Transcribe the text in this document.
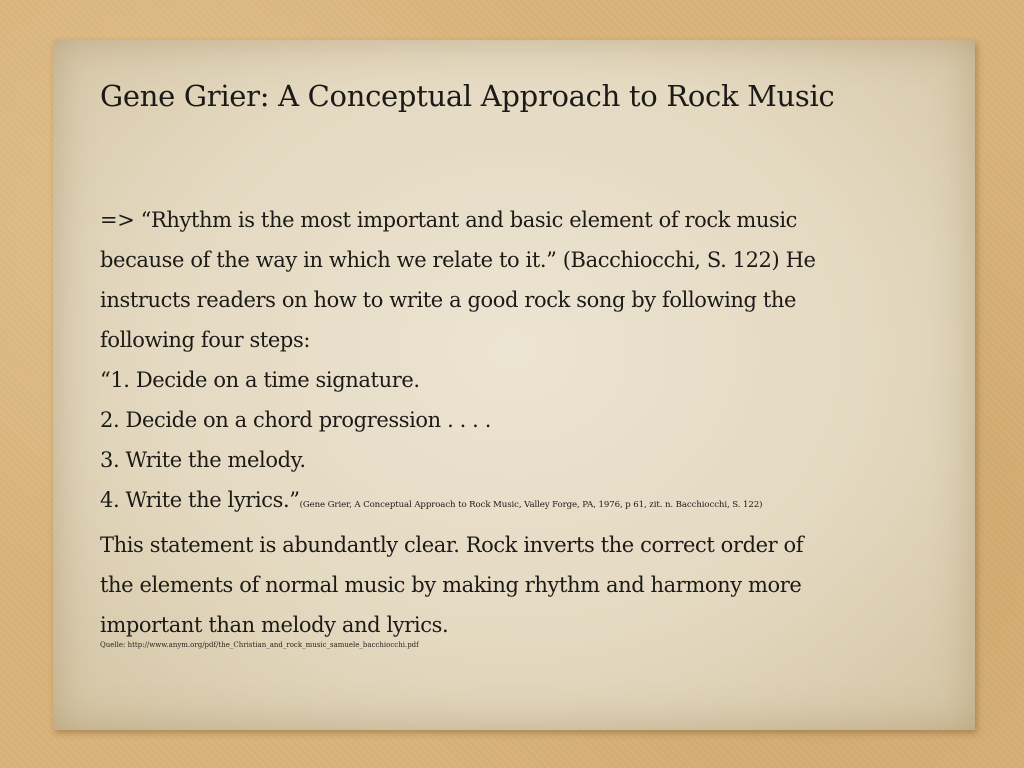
Gene Grier: A Conceptual Approach to Rock Music
=> “Rhythm is the most important and basic element of rock music
because of the way in which we relate to it.” (Bacchiocchi, S. 122) He
instructs readers on how to write a good rock song by following the
following four steps:
“1. Decide on a time signature.
2. Decide on a chord progression . . . .
3. Write the melody.
4. Write the lyrics.”(Gene Grier, A Conceptual Approach to Rock Music, Valley Forge, PA, 1976, p 61, zit. n. Bacchiocchi, S. 122)
This statement is abundantly clear. Rock inverts the correct order of
the elements of normal music by making rhythm and harmony more
important than melody and lyrics.

Quelle: http://www.anym.org/pdf/the_Christian_and_rock_music_samuele_bacchiocchi.pdf
